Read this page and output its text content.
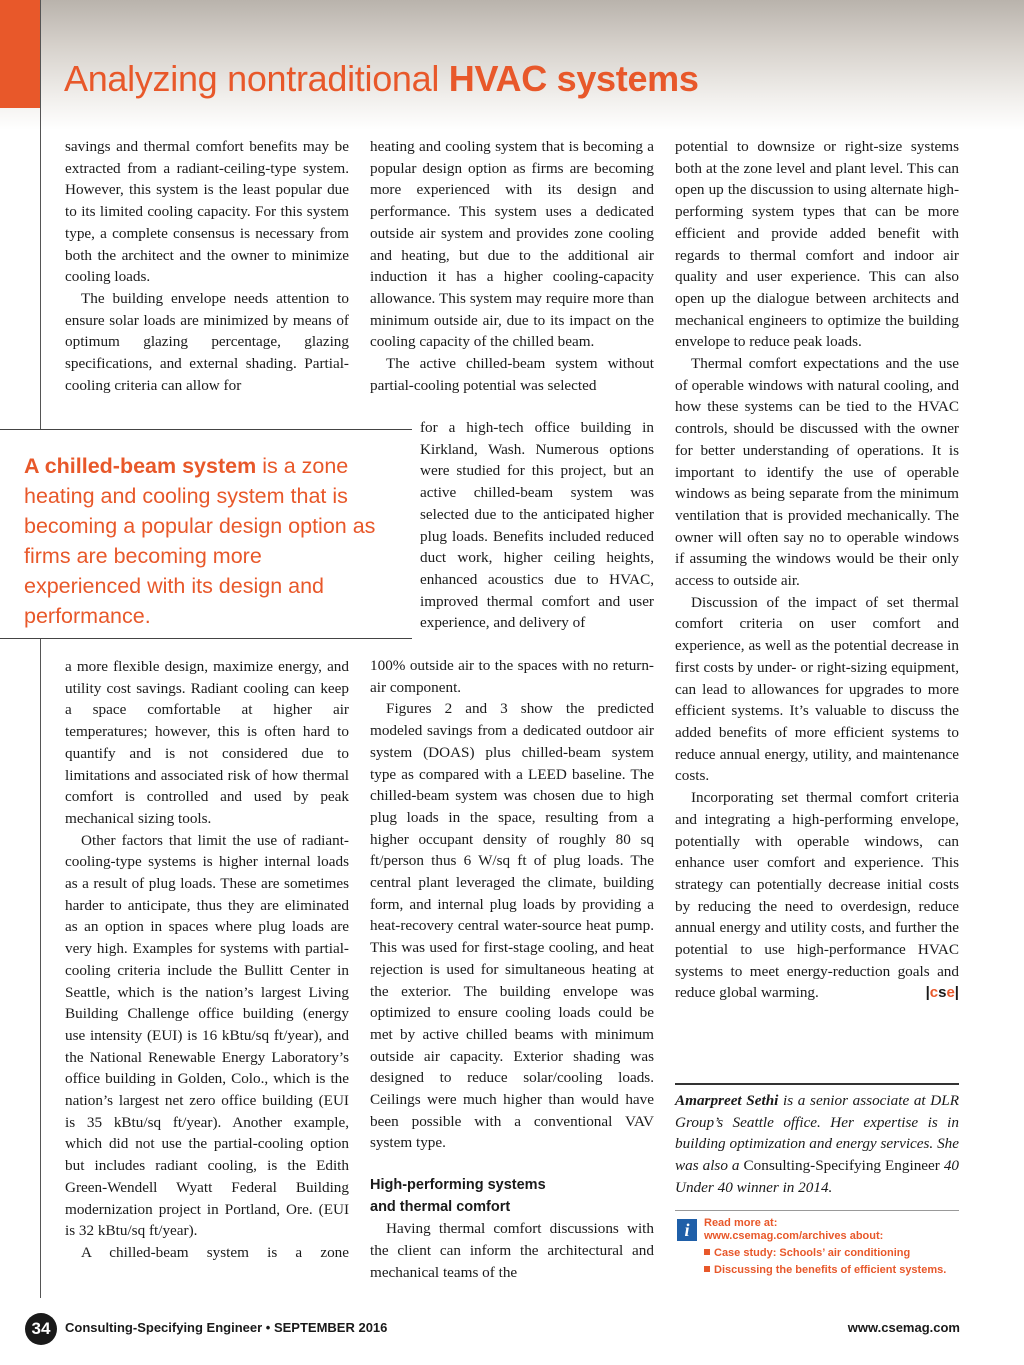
Analyzing nontraditional HVAC systems

savings and thermal comfort benefits may be extracted from a radiant-ceiling-type system. However, this system is the least popular due to its limited cooling capacity. For this system type, a complete consensus is necessary from both the architect and the owner to minimize cooling loads.

The building envelope needs attention to ensure solar loads are minimized by means of optimum glazing percentage, glazing specifications, and external shading. Partial-cooling criteria can allow for

A chilled-beam system is a zone heating and cooling system that is becoming a popular design option as firms are becoming more experienced with its design and performance.

a more flexible design, maximize energy, and utility cost savings. Radiant cooling can keep a space comfortable at higher air temperatures; however, this is often hard to quantify and is not considered due to limitations and associated risk of how thermal comfort is controlled and used by peak mechanical sizing tools.

Other factors that limit the use of radiant-cooling-type systems is higher internal loads as a result of plug loads. These are sometimes harder to anticipate, thus they are eliminated as an option in spaces where plug loads are very high. Examples for systems with partial-cooling criteria include the Bullitt Center in Seattle, which is the nation’s largest Living Building Challenge office building (energy use intensity (EUI) is 16 kBtu/sq ft/year), and the National Renewable Energy Laboratory’s office building in Golden, Colo., which is the nation’s largest net zero office building (EUI is 35 kBtu/sq ft/year). Another example, which did not use the partial-cooling option but includes radiant cooling, is the Edith Green-Wendell Wyatt Federal Building modernization project in Portland, Ore. (EUI is 32 kBtu/sq ft/year).

A chilled-beam system is a zone

heating and cooling system that is becoming a popular design option as firms are becoming more experienced with its design and performance. This system uses a dedicated outside air system and provides zone cooling and heating, but due to the additional air induction it has a higher cooling-capacity allowance. This system may require more than minimum outside air, due to its impact on the cooling capacity of the chilled beam.

The active chilled-beam system without partial-cooling potential was selected

for a high-tech office building in Kirkland, Wash. Numerous options were studied for this project, but an active chilled-beam system was selected due to the anticipated higher plug loads. Benefits included reduced duct work, higher ceiling heights, enhanced acoustics due to HVAC, improved thermal comfort and user experience, and delivery of

100% outside air to the spaces with no return-air component.

Figures 2 and 3 show the predicted modeled savings from a dedicated outdoor air system (DOAS) plus chilled-beam system type as compared with a LEED baseline. The chilled-beam system was chosen due to high plug loads in the space, resulting from a higher occupant density of roughly 80 sq ft/person thus 6 W/sq ft of plug loads. The central plant leveraged the climate, building form, and internal plug loads by providing a heat-recovery central water-source heat pump. This was used for first-stage cooling, and heat rejection is used for simultaneous heating at the exterior. The building envelope was optimized to ensure cooling loads could be met by active chilled beams with minimum outside air capacity. Exterior shading was designed to reduce solar/cooling loads. Ceilings were much higher than would have been possible with a conventional VAV system type.

High-performing systems
and thermal comfort

Having thermal comfort discussions with the client can inform the architectural and mechanical teams of the

potential to downsize or right-size systems both at the zone level and plant level. This can open up the discussion to using alternate high-performing system types that can be more efficient and provide added benefit with regards to thermal comfort and indoor air quality and user experience. This can also open up the dialogue between architects and mechanical engineers to optimize the building envelope to reduce peak loads.

Thermal comfort expectations and the use of operable windows with natural cooling, and how these systems can be tied to the HVAC controls, should be discussed with the owner for better understanding of operations. It is important to identify the use of operable windows as being separate from the minimum ventilation that is provided mechanically. The owner will often say no to operable windows if assuming the windows would be their only access to outside air.

Discussion of the impact of set thermal comfort criteria on user comfort and experience, as well as the potential decrease in first costs by under- or right-sizing equipment, can lead to allowances for upgrades to more efficient systems. It’s valuable to discuss the added benefits of more efficient systems to reduce annual energy, utility, and maintenance costs.

Incorporating set thermal comfort criteria and integrating a high-performing envelope, potentially with operable windows, can enhance user comfort and experience. This strategy can potentially decrease initial costs by reducing the need to overdesign, reduce annual energy and utility costs, and further the potential to use high-performance HVAC systems to meet energy-reduction goals and reduce global warming.	|cse|

Amarpreet Sethi is a senior associate at DLR Group’s Seattle office. Her expertise is in building optimization and energy services. She was also a Consulting-Specifying Engineer 40 Under 40 winner in 2014.
i	Read more at:
www.csemag.com/archives about:
Case study: Schools’ air conditioning
Discussing the benefits of efficient systems.
34	Consulting-Specifying Engineer • SEPTEMBER 2016	www.csemag.com
